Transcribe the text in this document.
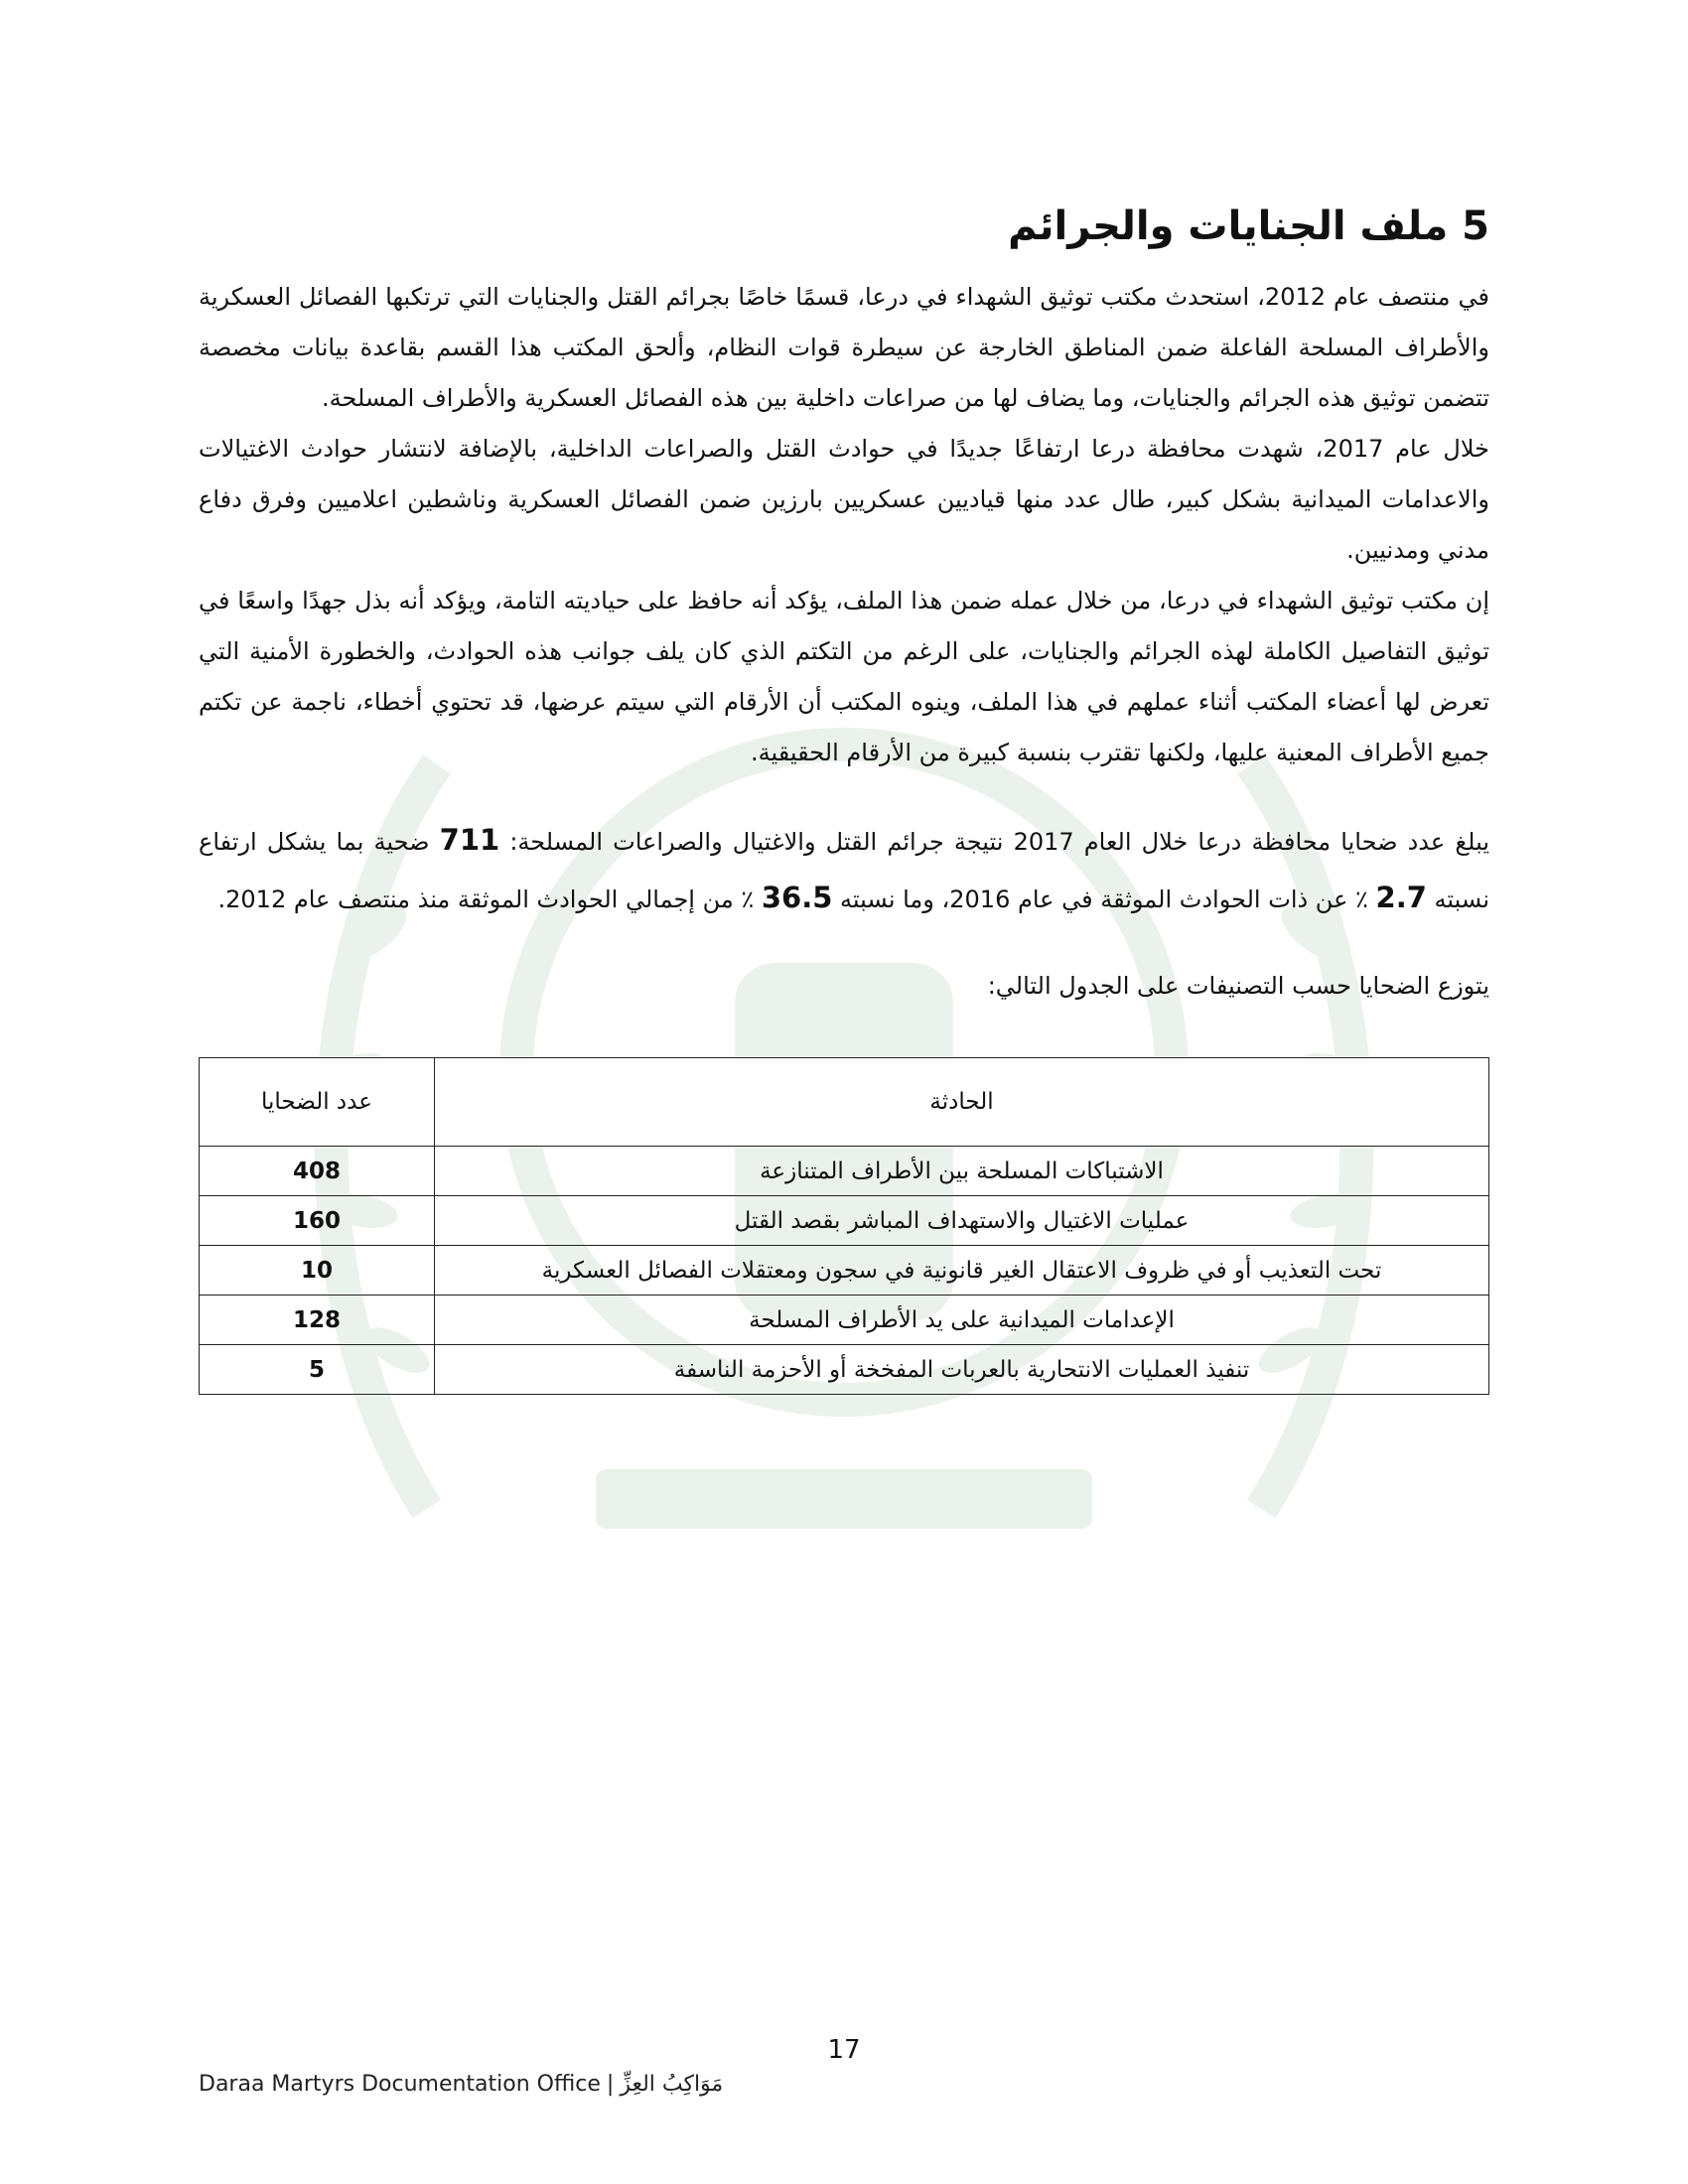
5 ملف الجنايات والجرائم

في منتصف عام 2012، استحدث مكتب توثيق الشهداء في درعا، قسمًا خاصًا بجرائم القتل والجنايات التي ترتكبها الفصائل العسكرية والأطراف المسلحة الفاعلة ضمن المناطق الخارجة عن سيطرة قوات النظام، وألحق المكتب هذا القسم بقاعدة بيانات مخصصة تتضمن توثيق هذه الجرائم والجنايات، وما يضاف لها من صراعات داخلية بين هذه الفصائل العسكرية والأطراف المسلحة.

خلال عام 2017، شهدت محافظة درعا ارتفاعًا جديدًا في حوادث القتل والصراعات الداخلية، بالإضافة لانتشار حوادث الاغتيالات والاعدامات الميدانية بشكل كبير، طال عدد منها قياديين عسكريين بارزين ضمن الفصائل العسكرية وناشطين اعلاميين وفرق دفاع مدني ومدنيين.

إن مكتب توثيق الشهداء في درعا، من خلال عمله ضمن هذا الملف، يؤكد أنه حافظ على حياديته التامة، ويؤكد أنه بذل جهدًا واسعًا في توثيق التفاصيل الكاملة لهذه الجرائم والجنايات، على الرغم من التكتم الذي كان يلف جوانب هذه الحوادث، والخطورة الأمنية التي تعرض لها أعضاء المكتب أثناء عملهم في هذا الملف، وينوه المكتب أن الأرقام التي سيتم عرضها، قد تحتوي أخطاء، ناجمة عن تكتم جميع الأطراف المعنية عليها، ولكنها تقترب بنسبة كبيرة من الأرقام الحقيقية.

يبلغ عدد ضحايا محافظة درعا خلال العام 2017 نتيجة جرائم القتل والاغتيال والصراعات المسلحة: 711 ضحية بما يشكل ارتفاع نسبته 2.7 ٪ عن ذات الحوادث الموثقة في عام 2016، وما نسبته 36.5 ٪ من إجمالي الحوادث الموثقة منذ منتصف عام 2012.

يتوزع الضحايا حسب التصنيفات على الجدول التالي:

الحادثة	عدد الضحايا
الاشتباكات المسلحة بين الأطراف المتنازعة	408
عمليات الاغتيال والاستهداف المباشر بقصد القتل	160
تحت التعذيب أو في ظروف الاعتقال الغير قانونية في سجون ومعتقلات الفصائل العسكرية	10
الإعدامات الميدانية على يد الأطراف المسلحة	128
تنفيذ العمليات الانتحارية بالعربات المفخخة أو الأحزمة الناسفة	5
17
Daraa Martyrs Documentation Office | مَوَاكِبُ العِزِّ
